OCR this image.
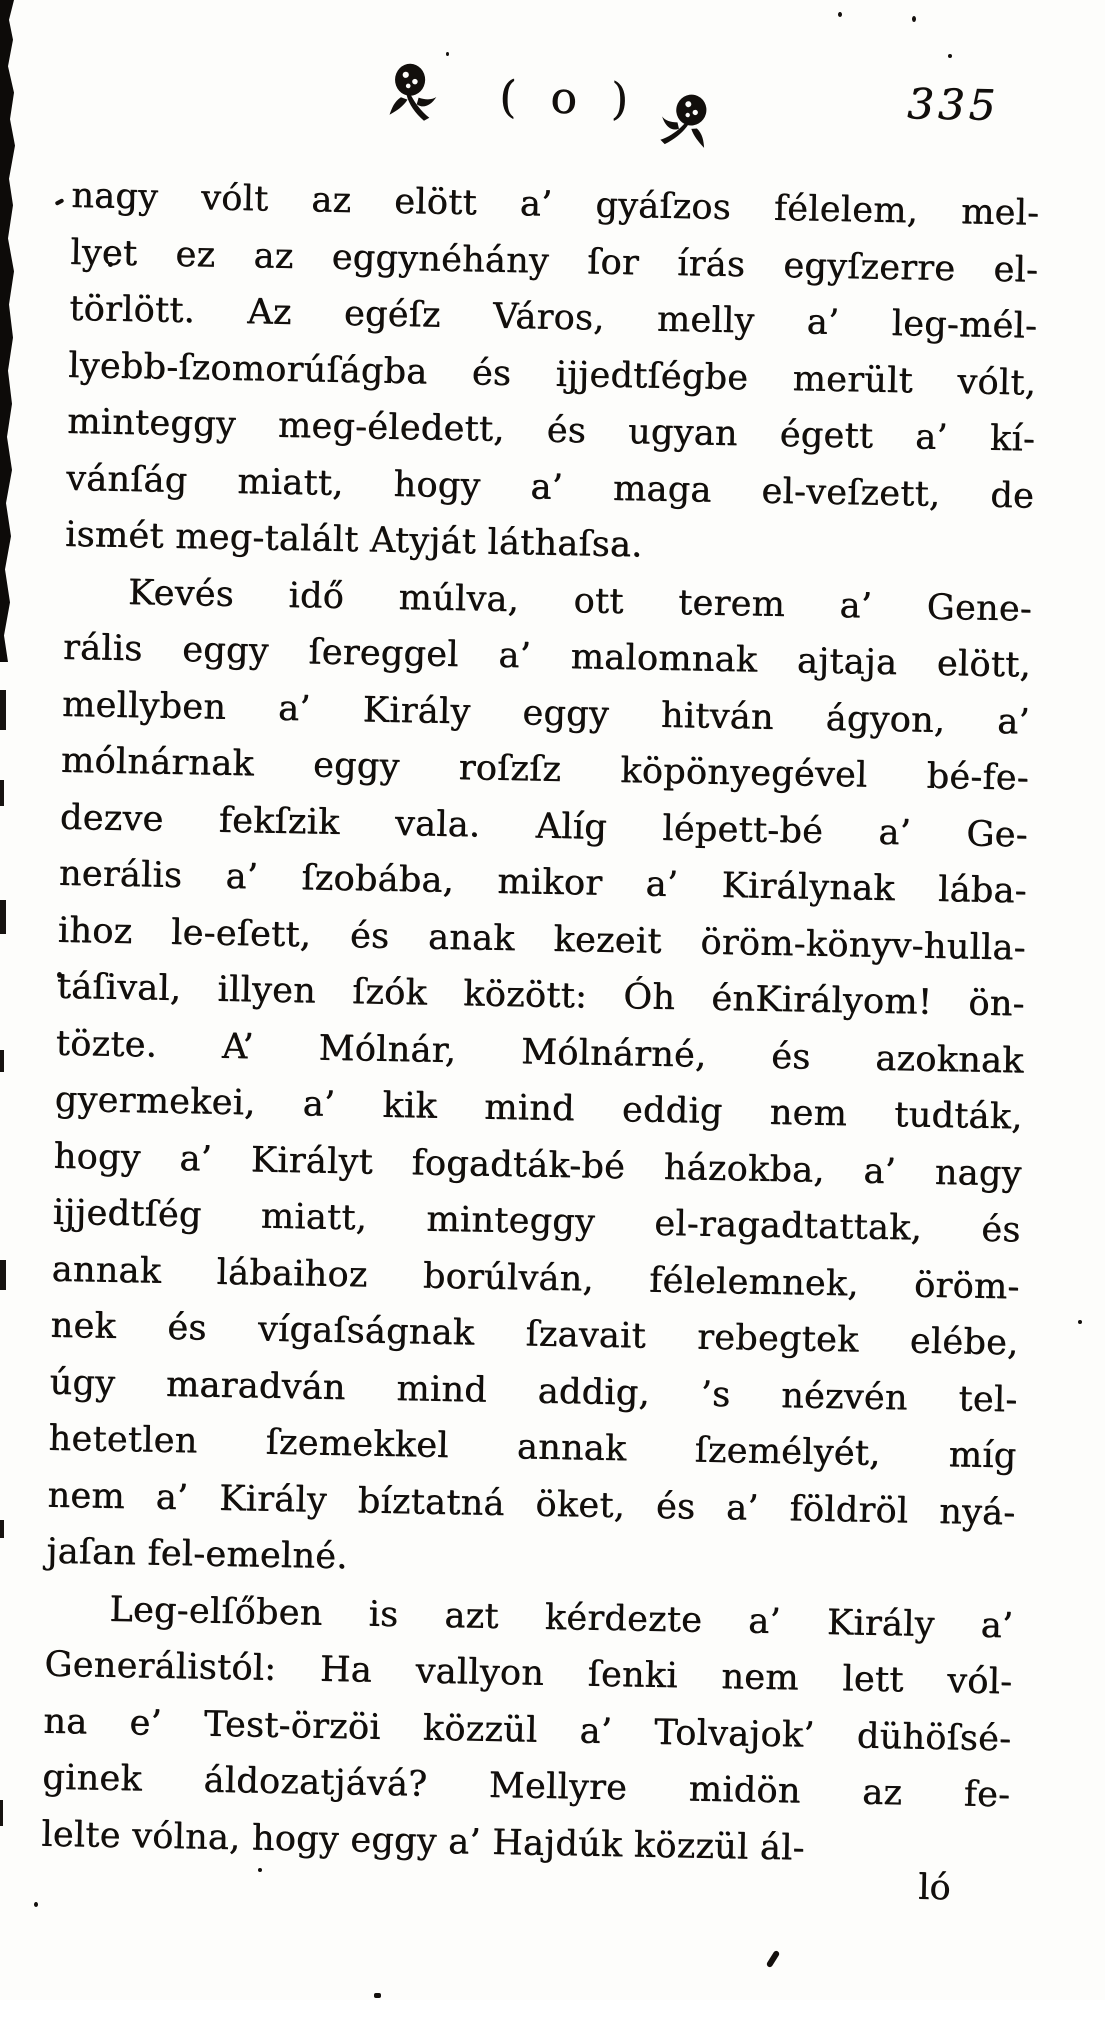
( o )	335
nagy vólt az elött a’ gyáſzos félelem, mel-
lyet ez az eggynéhány ſor írás egyſzerre el-
törlött. Az egéſz Város, melly a’ leg-mél-
lyebb-ſzomorúſágba és ijjedtſégbe merült vólt,
minteggy meg-éledett, és ugyan égett a’ kí-
vánſág miatt, hogy a’ maga el-veſzett, de
ismét meg-talált Atyját láthaſsa.
Kevés idő múlva, ott terem a’ Gene-
rális eggy ſereggel a’ malomnak ajtaja elött,
mellyben a’ Király eggy hitván ágyon, a’
mólnárnak eggy roſzſz köpönyegével bé-fe-
dezve fekſzik vala. Alíg lépett-bé a’ Ge-
nerális a’ ſzobába, mikor a’ Királynak lába-
ihoz le-eſett, és anak kezeit öröm-könyv-hulla-
táſival, illyen ſzók között: Óh énKirályom! ön-
tözte. A’ Mólnár, Mólnárné, és azoknak
gyermekei, a’ kik mind eddig nem tudták,
hogy a’ Királyt fogadták-bé házokba, a’ nagy
ijjedtſég miatt, minteggy el-ragadtattak, és
annak lábaihoz borúlván, félelemnek, öröm-
nek és vígaſságnak ſzavait rebegtek elébe,
úgy maradván mind addig, ’s nézvén tel-
hetetlen ſzemekkel annak ſzemélyét, míg
nem a’ Király bíztatná öket, és a’ földröl nyá-
jaſan fel-emelné.
Leg-elſőben is azt kérdezte a’ Király a’
Generálistól: Ha vallyon ſenki nem lett vól-
na e’ Test-örzöi közzül a’ Tolvajok’ dühöſsé-
ginek áldozatjává? Mellyre midön az fe-
lelte vólna, hogy eggy a’ Hajdúk közzül ál-
ló
